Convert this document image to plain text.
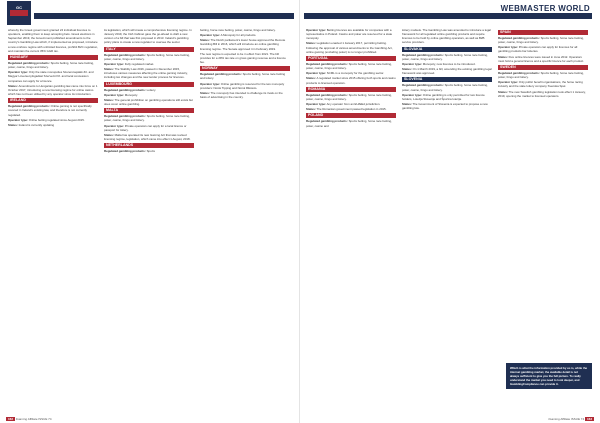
GC

whereby the Greek government granted 24 individual licences to operators, enabling them to keep accepting bets. Greek elections in September 2019, the Government published amendments to the country's Gambling Law which, if implemented as proposed, introduce a new onshore regime with unlimited licences, prohibit B2C regulation, and maintain the current 35% GGR tax.

HUNGARY

Regulated gambling products: Sports betting, horse race betting, poker, casino, bingo and lottery.

Operator type: Only the state monopolies Szerencsejáték Zrt. and Magyar Lóversenyfogadást Szervező Kft. and local concession companies can apply for a licence.

Status: Amendments to Hungarian gambling law came into force on 1 October 2017, introducing a new licensing regime for online casino which has not been utilised by any operator since its introduction.

IRELAND

Regulated gambling products: Online gaming is not specifically covered in Ireland's existing law, and therefore is not currently regulated.

Operator type: Online betting regulated since August 2015.

Status: Ireland is currently updating

its legislation, which will create a comprehensive licensing regime. In January 2019, the Irish Cabinet gave the go-ahead to draft a new version of a bill that was first proposed in 2013. Ireland's gambling policy plans to create a new regulator to oversee the sector.

ITALY

Regulated gambling products: Sports betting, horse race betting, poker, casino, bingo and lottery.

Operator type: Fully regulated market.

Status: The Stability Law 2016, passed in December 2015, introduces various measures affecting the online gaming industry, including tax changes and the new tender process for licences.

LUXEMBOURG

Regulated gambling products: Lottery.

Operator type: Monopoly.

Status: The general prohibition on gambling operations still exists but does cover online gambling.

MALTA

Regulated gambling products: Sports betting, horse race betting, poker, casino, bingo and lottery.

Operator type: Private operators can apply for a local licence or passport for lottery.

Status: Malta has operated its new Gaming Act that was revised licensing regime, legislation, which came into effect 1 August, 2018.

NETHERLANDS

Regulated gambling products: Sports

betting, horse race betting, poker, casino, bingo and lottery.

Operator type: A Monopoly for all products.

Status: The Dutch parliament's lower house approved the Remote Gambling Bill in 2016, which will introduce an online gambling licensing regime. The Senate approved it in February 2019.

The new regime is expected to be in effect from 2021. The bill provides for a 29% tax rate on gross gaming revenue and a licence fee.

NORWAY

Regulated gambling products: Sports betting, horse race betting and lottery.

Operator type: Online gambling is reserved for the two monopoly providers: Norsk Tipping and Norsk Rikstoto.

Status: The monopoly has intended to challenge its rivals on the basis of advertising in the country.

162 iGaming Affiliate ISSUE 74
WEBMASTER WORLD

Operator type: Betting licences are available for companies with a representative in Poland. Casino and poker are reserved for a state monopoly.

Status: Legislation enacted 1 January 2017, permitting betting. Following the approval of various amendments to the Gambling Act, online gaming (excluding poker) is no longer prohibited.

PORTUGAL

Regulated gambling products: Sports betting, horse race betting, poker, casino, bingo and lottery.

Operator type: SCML is a monopoly for the gambling sector.

Status: A regulated market since 2015 offering both sports and casino products to licensed operators.

ROMANIA

Regulated gambling products: Sports betting, horse race betting, poker, casino, bingo and lottery.

Operator type: Any operator from an EU/EEA jurisdiction.

Status: The Romanian government passed legislation in 2015.

POLAND

Regulated gambling products: Sports betting, horse race betting, poker, casino and

lottery markets. The Gambling Law was amended to introduce a legal framework for all regulated online gambling products and require licences to be held by online gambling operators, as well as B2B service providers.

SLOVAKIA

Regulated gambling products: Sports betting, horse race betting, poker, casino, bingo and lottery.

Operator type: Monopoly, new licences to be introduced.

Status: On 1 March 2019, a bill, amending the existing gambling legal framework was approved.

SLOVENIA

Regulated gambling products: Sports betting, horse race betting, poker, casino, bingo and lottery.

Operator type: Online gambling is only permitted for two licence holders, Loterija Slovenije and Športna loterija.

Status: The Government of Slovenia is expected to propose a new gambling law.

SPAIN

Regulated gambling products: Sports betting, horse race betting, poker, casino, bingo and lottery.

Operator type: Private operators can apply for licences for all gambling products bar lotteries.

Status: Five online licences were issued in June 2012. Operators must hold a general licence and a specific licence for each product.

SWEDEN

Regulated gambling products: Sports betting, horse race betting, poker, bingo and lottery.

Operator type: Only public benefit organisations, the horse racing industry and the state lottery company Svenska Spel.

Status: The new Swedish gambling legislation took effect 1 January, 2019, opening the market to licensed operators.

Which is what the information provided by us is, while the internet gambling market, the available detail is not always sufficient to give you the full picture. To really understand the market you need to look deeper, and GamblingCompliance can provide it.
iGaming Affiliate ISSUE 74 163
